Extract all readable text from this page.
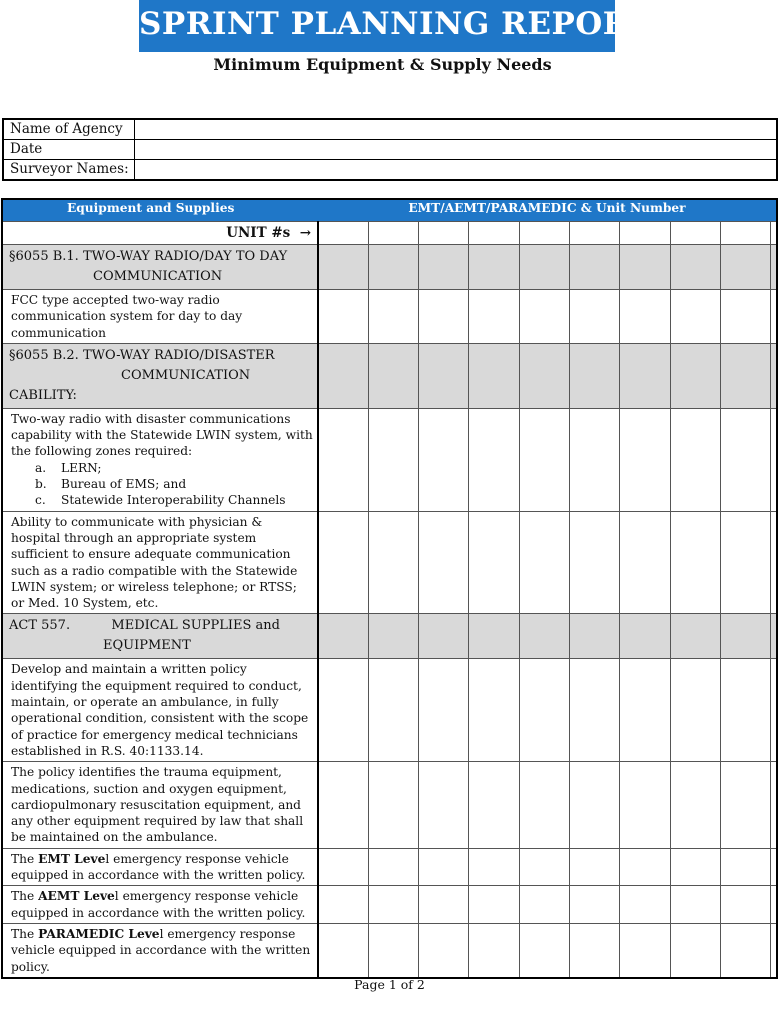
SPRINT PLANNING REPORT
Minimum Equipment & Supply Needs
Name of Agency	
Date	
Surveyor Names:	
Equipment and Supplies	EMT/AEMT/PARAMEDIC & Unit Number									
UNIT #s →										
§6055 B.1. TWO-WAY RADIO/DAY TO DAY
COMMUNICATION										
FCC type accepted two-way radio communication system for day to day communication										
§6055 B.2. TWO-WAY RADIO/DISASTER
COMMUNICATION CABILITY:										
Two-way radio with disaster communications capability with the Statewide LWIN system, with the following zones required:
a. LERN;
b. Bureau of EMS; and
c. Statewide Interoperability Channels										

Ability to communicate with physician & hospital through an appropriate system sufficient to ensure adequate communication such as a radio compatible with the Statewide LWIN system; or wireless telephone; or RTSS; or Med. 10 System, etc.										
ACT 557.          MEDICAL SUPPLIES and
EQUIPMENT										
Develop and maintain a written policy identifying the equipment required to conduct, maintain, or operate an ambulance, in fully operational condition, consistent with the scope of practice for emergency medical technicians established in R.S. 40:1133.14.										
The policy identifies the trauma equipment, medications, suction and oxygen equipment, cardiopulmonary resuscitation equipment, and any other equipment required by law that shall be maintained on the ambulance.										
The EMT Level emergency response vehicle equipped in accordance with the written policy.										
The AEMT Level emergency response vehicle equipped in accordance with the written policy.										
The PARAMEDIC Level emergency response vehicle equipped in accordance with the written policy.										
Page 1 of 2
